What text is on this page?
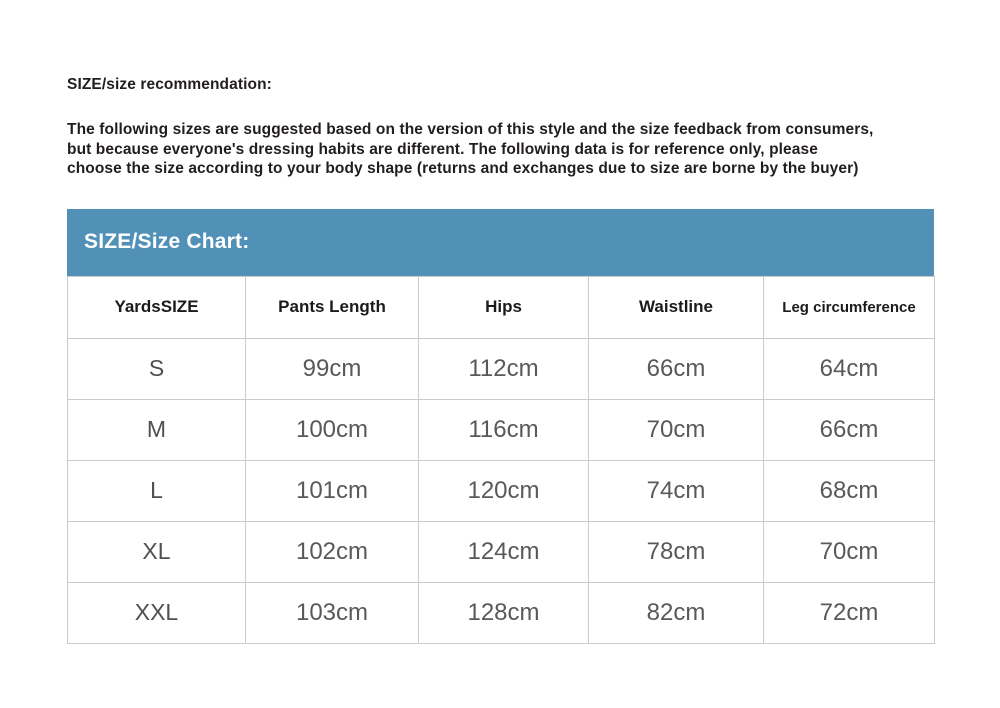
SIZE/size recommendation:
The following sizes are suggested based on the version of this style and the size feedback from consumers,
but because everyone's dressing habits are different. The following data is for reference only, please
choose the size according to your body shape (returns and exchanges due to size are borne by the buyer)
SIZE/Size Chart:
YardsSIZE	Pants Length	Hips	Waistline	Leg circumference
S	99cm	112cm	66cm	64cm
M	100cm	116cm	70cm	66cm
L	101cm	120cm	74cm	68cm
XL	102cm	124cm	78cm	70cm
XXL	103cm	128cm	82cm	72cm
